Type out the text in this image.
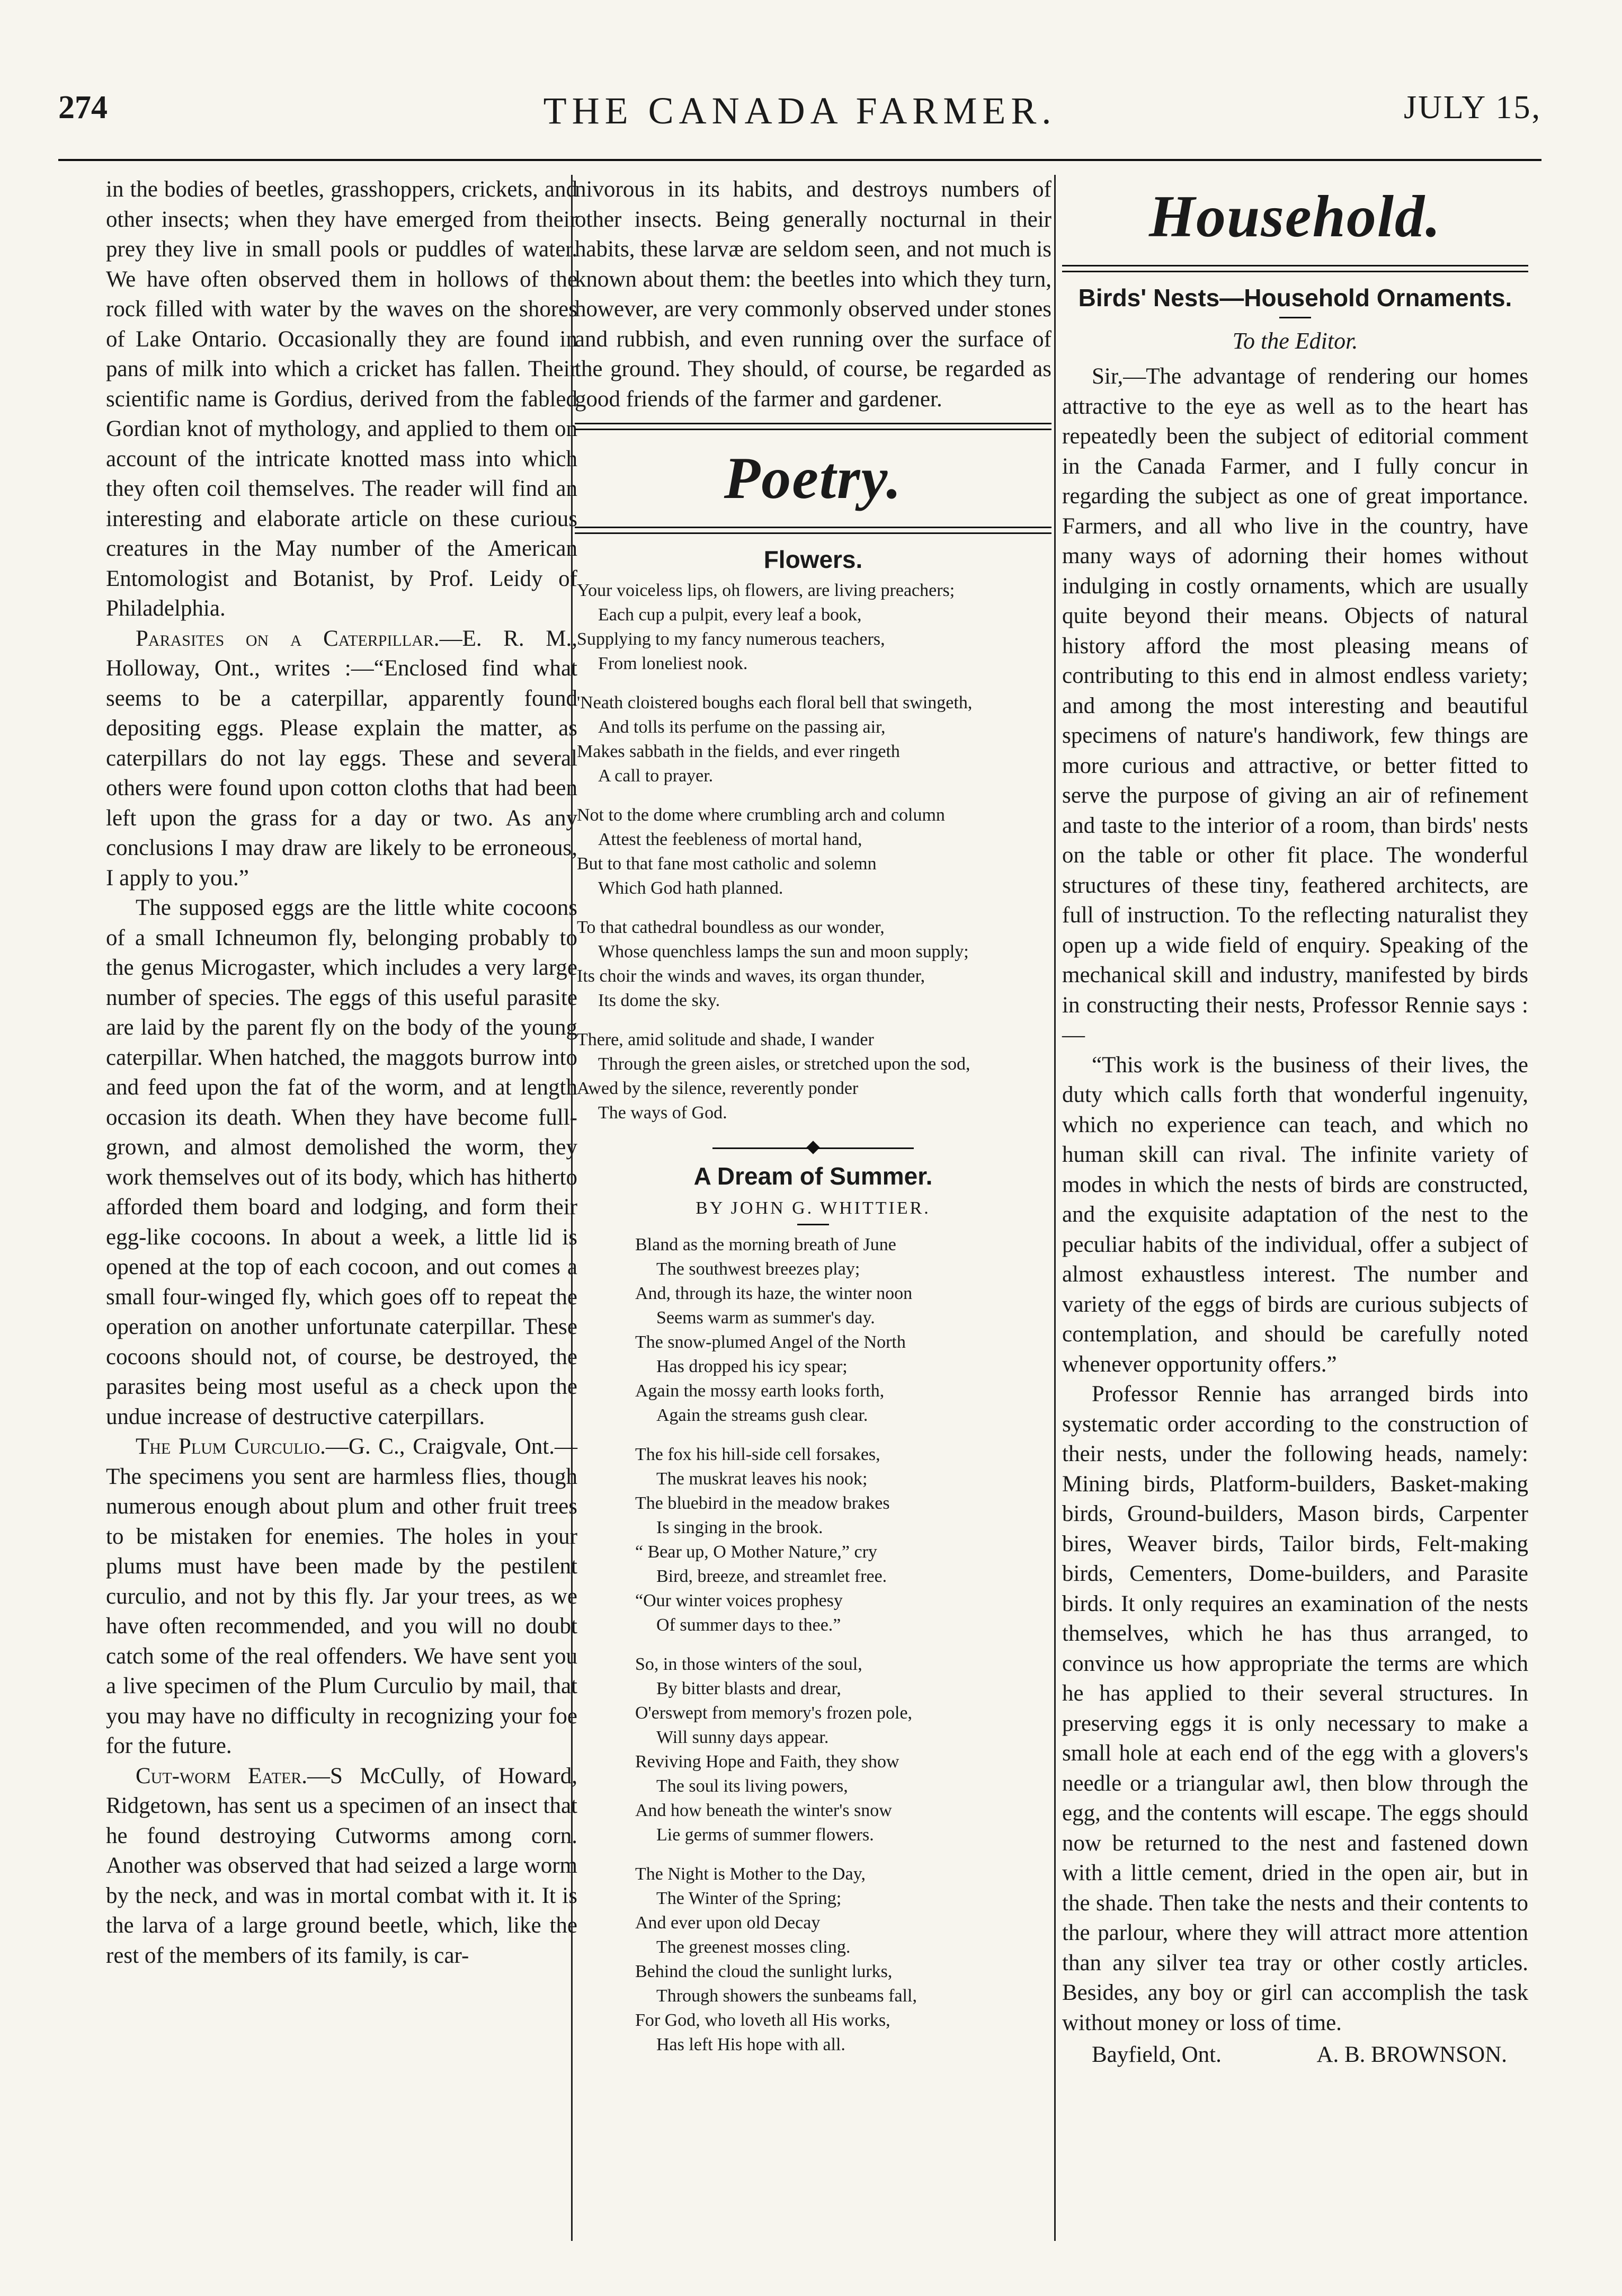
THE CANADA FARMER.
274	JULY 15,

in the bodies of beetles, grasshoppers, crickets, and other insects; when they have emerged from their prey they live in small pools or puddles of water. We have often observed them in hollows of the rock filled with water by the waves on the shores of Lake Ontario. Occasionally they are found in pans of milk into which a cricket has fallen. Their scientific name is Gordius, derived from the fabled Gordian knot of mythology, and applied to them on account of the intricate knotted mass into which they often coil themselves. The reader will find an interesting and elaborate article on these curious creatures in the May number of the American Entomologist and Botanist, by Prof. Leidy of Philadelphia.

Parasites on a Caterpillar.—E. R. M., Holloway, Ont., writes :—“Enclosed find what seems to be a caterpillar, apparently found depositing eggs. Please explain the matter, as caterpillars do not lay eggs. These and several others were found upon cotton cloths that had been left upon the grass for a day or two. As any conclusions I may draw are likely to be erroneous, I apply to you.”

The supposed eggs are the little white cocoons of a small Ichneumon fly, belonging probably to the genus Microgaster, which includes a very large number of species. The eggs of this useful parasite are laid by the parent fly on the body of the young caterpillar. When hatched, the maggots burrow into and feed upon the fat of the worm, and at length occasion its death. When they have become full-grown, and almost demolished the worm, they work themselves out of its body, which has hitherto afforded them board and lodging, and form their egg-like cocoons. In about a week, a little lid is opened at the top of each cocoon, and out comes a small four-winged fly, which goes off to repeat the operation on another unfortunate caterpillar. These cocoons should not, of course, be destroyed, the parasites being most useful as a check upon the undue increase of destructive caterpillars.

The Plum Curculio.—G. C., Craigvale, Ont.—The specimens you sent are harmless flies, though numerous enough about plum and other fruit trees to be mistaken for enemies. The holes in your plums must have been made by the pestilent curculio, and not by this fly. Jar your trees, as we have often recommended, and you will no doubt catch some of the real offenders. We have sent you a live specimen of the Plum Curculio by mail, that you may have no difficulty in recognizing your foe for the future.

Cut-worm Eater.—S McCully, of Howard, Ridgetown, has sent us a specimen of an insect that he found destroying Cutworms among corn. Another was observed that had seized a large worm by the neck, and was in mortal combat with it. It is the larva of a large ground beetle, which, like the rest of the members of its family, is car-

nivorous in its habits, and destroys numbers of other insects. Being generally nocturnal in their habits, these larvæ are seldom seen, and not much is known about them: the beetles into which they turn, however, are very commonly observed under stones and rubbish, and even running over the surface of the ground. They should, of course, be regarded as good friends of the farmer and gardener.

Poetry.
Flowers.
Your voiceless lips, oh flowers, are living preachers;
Each cup a pulpit, every leaf a book,
Supplying to my fancy numerous teachers,
From loneliest nook.
'Neath cloistered boughs each floral bell that swingeth,
And tolls its perfume on the passing air,
Makes sabbath in the fields, and ever ringeth
A call to prayer.
Not to the dome where crumbling arch and column
Attest the feebleness of mortal hand,
But to that fane most catholic and solemn
Which God hath planned.
To that cathedral boundless as our wonder,
Whose quenchless lamps the sun and moon supply;
Its choir the winds and waves, its organ thunder,
Its dome the sky.
There, amid solitude and shade, I wander
Through the green aisles, or stretched upon the sod,
Awed by the silence, reverently ponder
The ways of God.
A Dream of Summer.
BY JOHN G. WHITTIER.
Bland as the morning breath of June
The southwest breezes play;
And, through its haze, the winter noon
Seems warm as summer's day.
The snow-plumed Angel of the North
Has dropped his icy spear;
Again the mossy earth looks forth,
Again the streams gush clear.
The fox his hill-side cell forsakes,
The muskrat leaves his nook;
The bluebird in the meadow brakes
Is singing in the brook.
“ Bear up, O Mother Nature,” cry
Bird, breeze, and streamlet free.
“Our winter voices prophesy
Of summer days to thee.”
So, in those winters of the soul,
By bitter blasts and drear,
O'erswept from memory's frozen pole,
Will sunny days appear.
Reviving Hope and Faith, they show
The soul its living powers,
And how beneath the winter's snow
Lie germs of summer flowers.
The Night is Mother to the Day,
The Winter of the Spring;
And ever upon old Decay
The greenest mosses cling.
Behind the cloud the sunlight lurks,
Through showers the sunbeams fall,
For God, who loveth all His works,
Has left His hope with all.
Household.
Birds' Nests—Household Ornaments.
To the Editor.

Sir,—The advantage of rendering our homes attractive to the eye as well as to the heart has repeatedly been the subject of editorial comment in the Canada Farmer, and I fully concur in regarding the subject as one of great importance. Farmers, and all who live in the country, have many ways of adorning their homes without indulging in costly ornaments, which are usually quite beyond their means. Objects of natural history afford the most pleasing means of contributing to this end in almost endless variety; and among the most interesting and beautiful specimens of nature's handiwork, few things are more curious and attractive, or better fitted to serve the purpose of giving an air of refinement and taste to the interior of a room, than birds' nests on the table or other fit place. The wonderful structures of these tiny, feathered architects, are full of instruction. To the reflecting naturalist they open up a wide field of enquiry. Speaking of the mechanical skill and industry, manifested by birds in constructing their nests, Professor Rennie says :—

“This work is the business of their lives, the duty which calls forth that wonderful ingenuity, which no experience can teach, and which no human skill can rival. The infinite variety of modes in which the nests of birds are constructed, and the exquisite adaptation of the nest to the peculiar habits of the individual, offer a subject of almost exhaustless interest. The number and variety of the eggs of birds are curious subjects of contemplation, and should be carefully noted whenever opportunity offers.”

Professor Rennie has arranged birds into systematic order according to the construction of their nests, under the following heads, namely: Mining birds, Platform-builders, Basket-making birds, Ground-builders, Mason birds, Carpenter bires, Weaver birds, Tailor birds, Felt-making birds, Cementers, Dome-builders, and Parasite birds. It only requires an examination of the nests themselves, which he has thus arranged, to convince us how appropriate the terms are which he has applied to their several structures. In preserving eggs it is only necessary to make a small hole at each end of the egg with a glovers's needle or a triangular awl, then blow through the egg, and the contents will escape. The eggs should now be returned to the nest and fastened down with a little cement, dried in the open air, but in the shade. Then take the nests and their contents to the parlour, where they will attract more attention than any silver tea tray or other costly articles. Besides, any boy or girl can accomplish the task without money or loss of time.

Bayfield, Ont.	A. B. BROWNSON.
